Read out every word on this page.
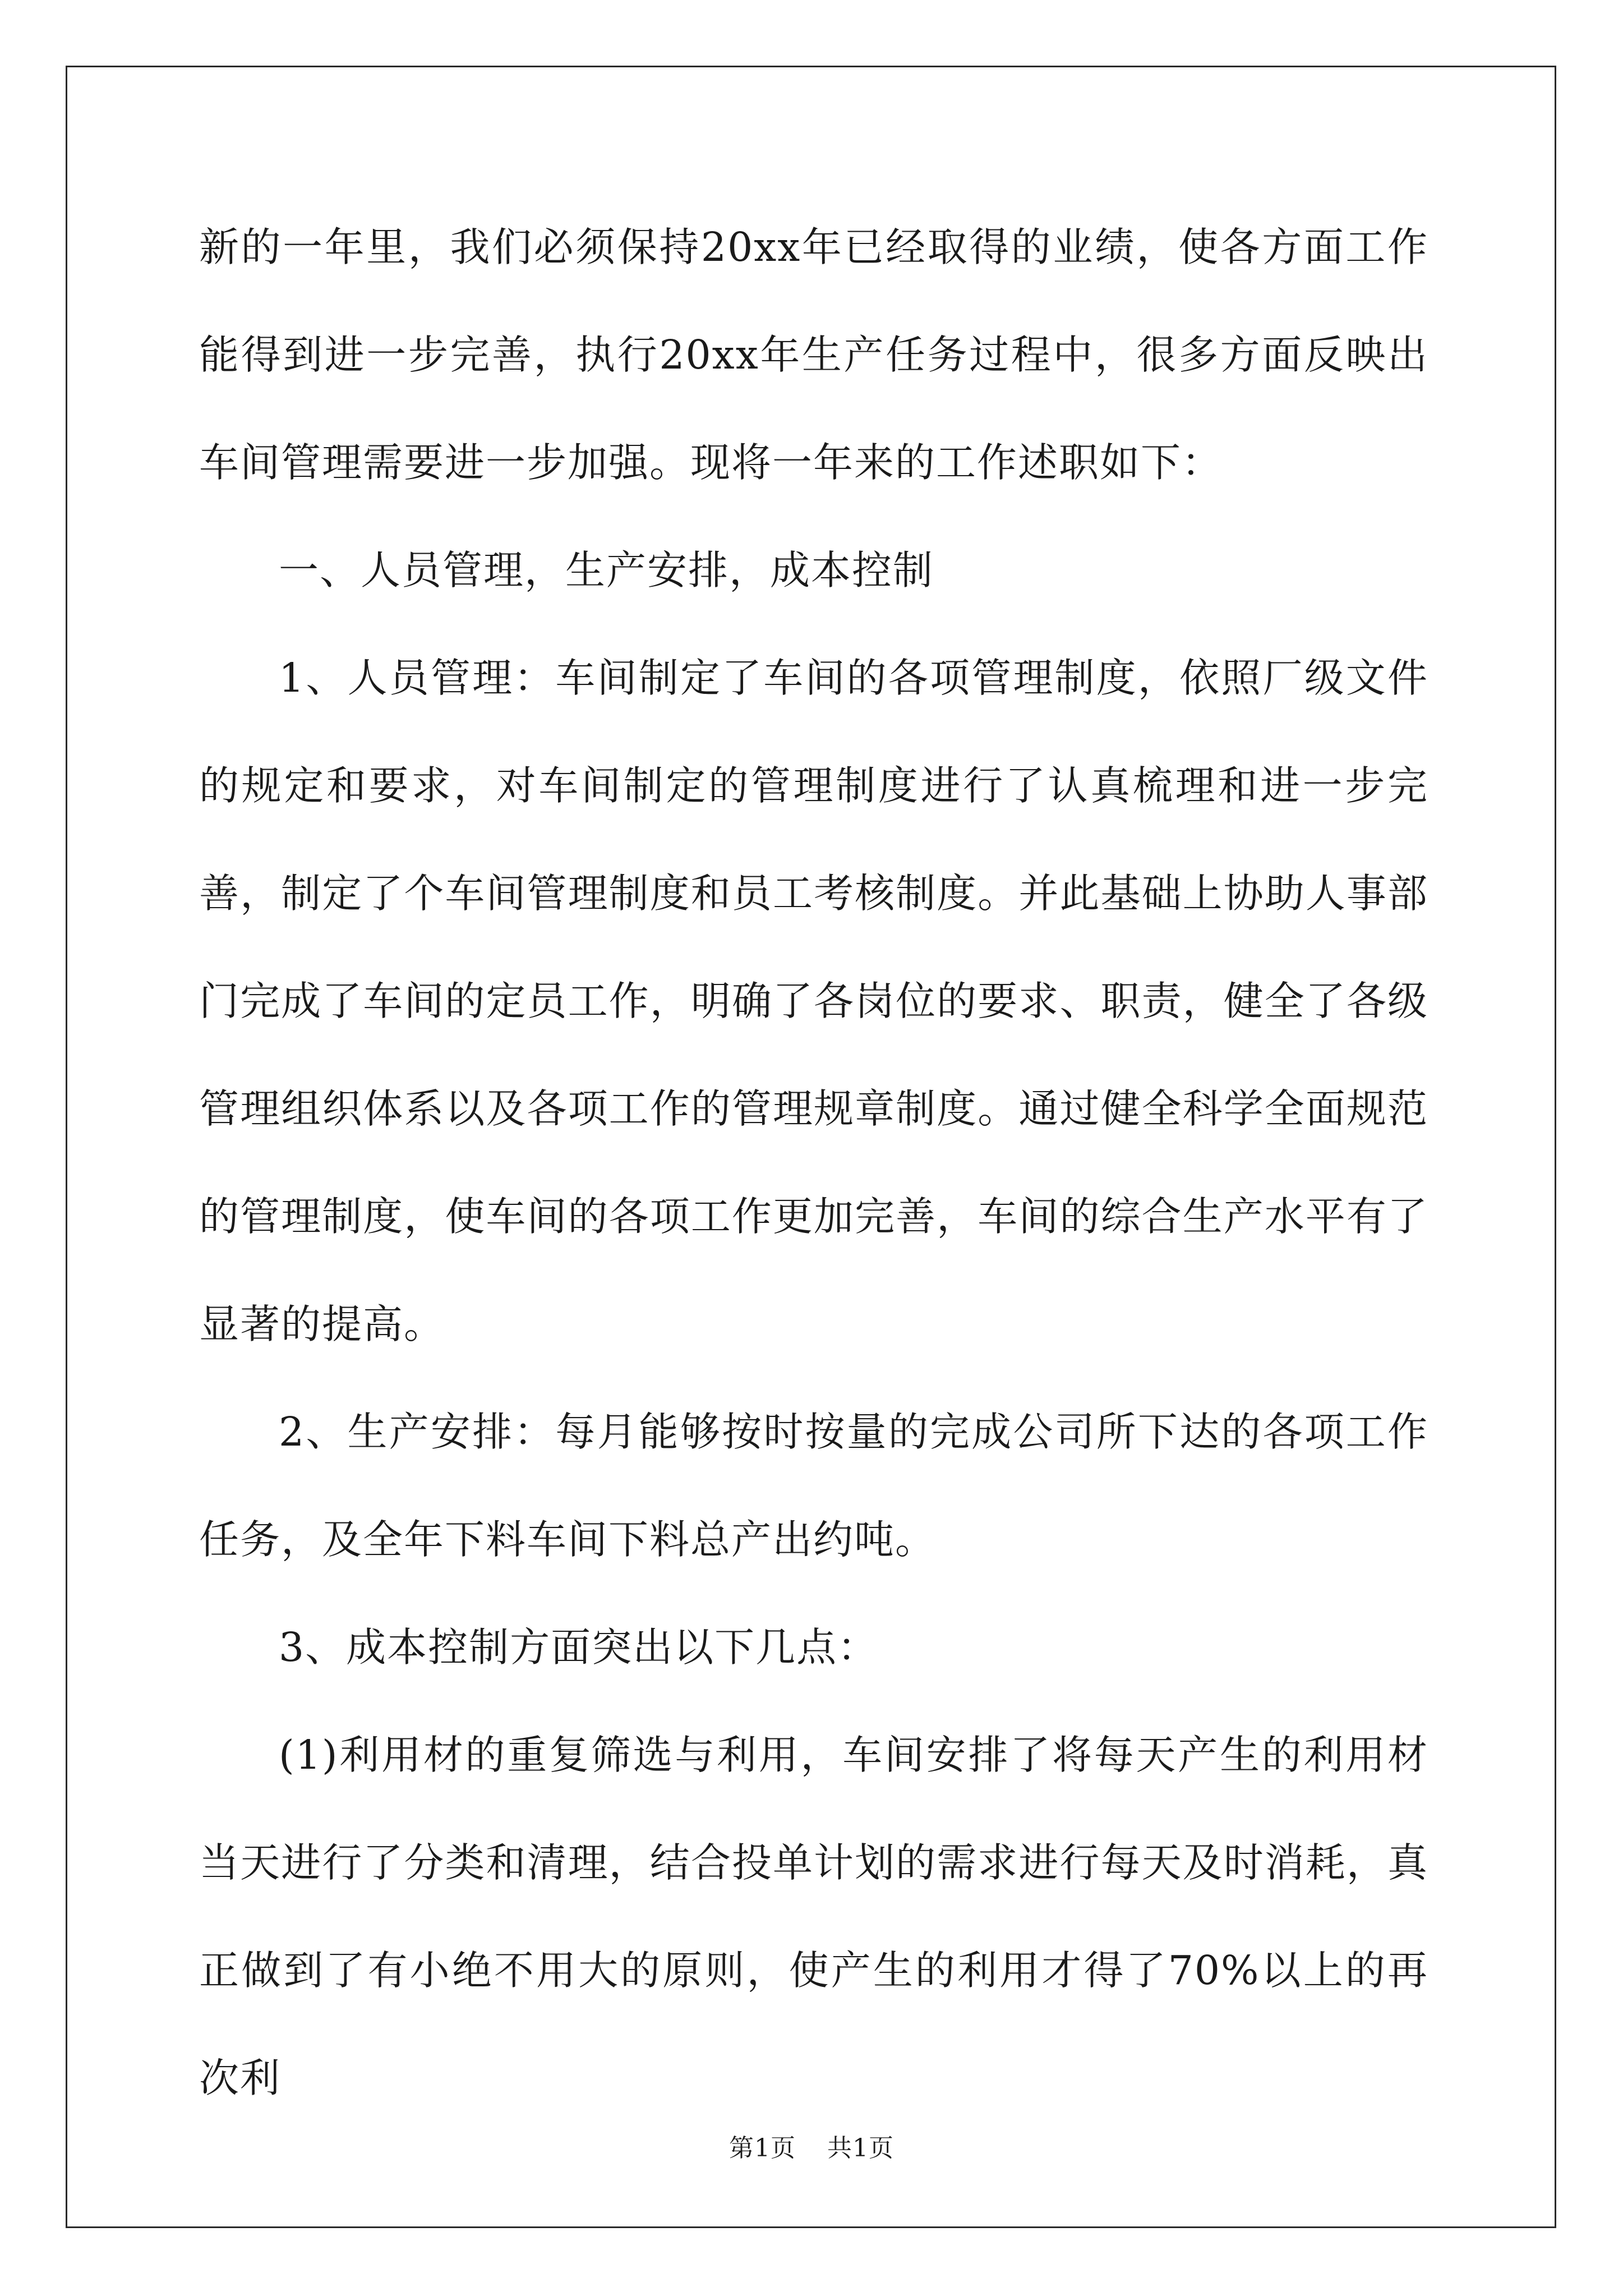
新的一年里，我们必须保持20xx年已经取得的业绩，使各方面工作能得到进一步完善，执行20xx年生产任务过程中，很多方面反映出车间管理需要进一步加强。现将一年来的工作述职如下：

一、人员管理，生产安排，成本控制

1、人员管理：车间制定了车间的各项管理制度，依照厂级文件的规定和要求，对车间制定的管理制度进行了认真梳理和进一步完善，制定了个车间管理制度和员工考核制度。并此基础上协助人事部门完成了车间的定员工作，明确了各岗位的要求、职责，健全了各级管理组织体系以及各项工作的管理规章制度。通过健全科学全面规范的管理制度，使车间的各项工作更加完善，车间的综合生产水平有了显著的提高。

2、生产安排：每月能够按时按量的完成公司所下达的各项工作任务，及全年下料车间下料总产出约吨。

3、成本控制方面突出以下几点：

(1)利用材的重复筛选与利用，车间安排了将每天产生的利用材当天进行了分类和清理，结合投单计划的需求进行每天及时消耗，真正做到了有小绝不用大的原则，使产生的利用才得了70%以上的再次利

第1页 共1页
